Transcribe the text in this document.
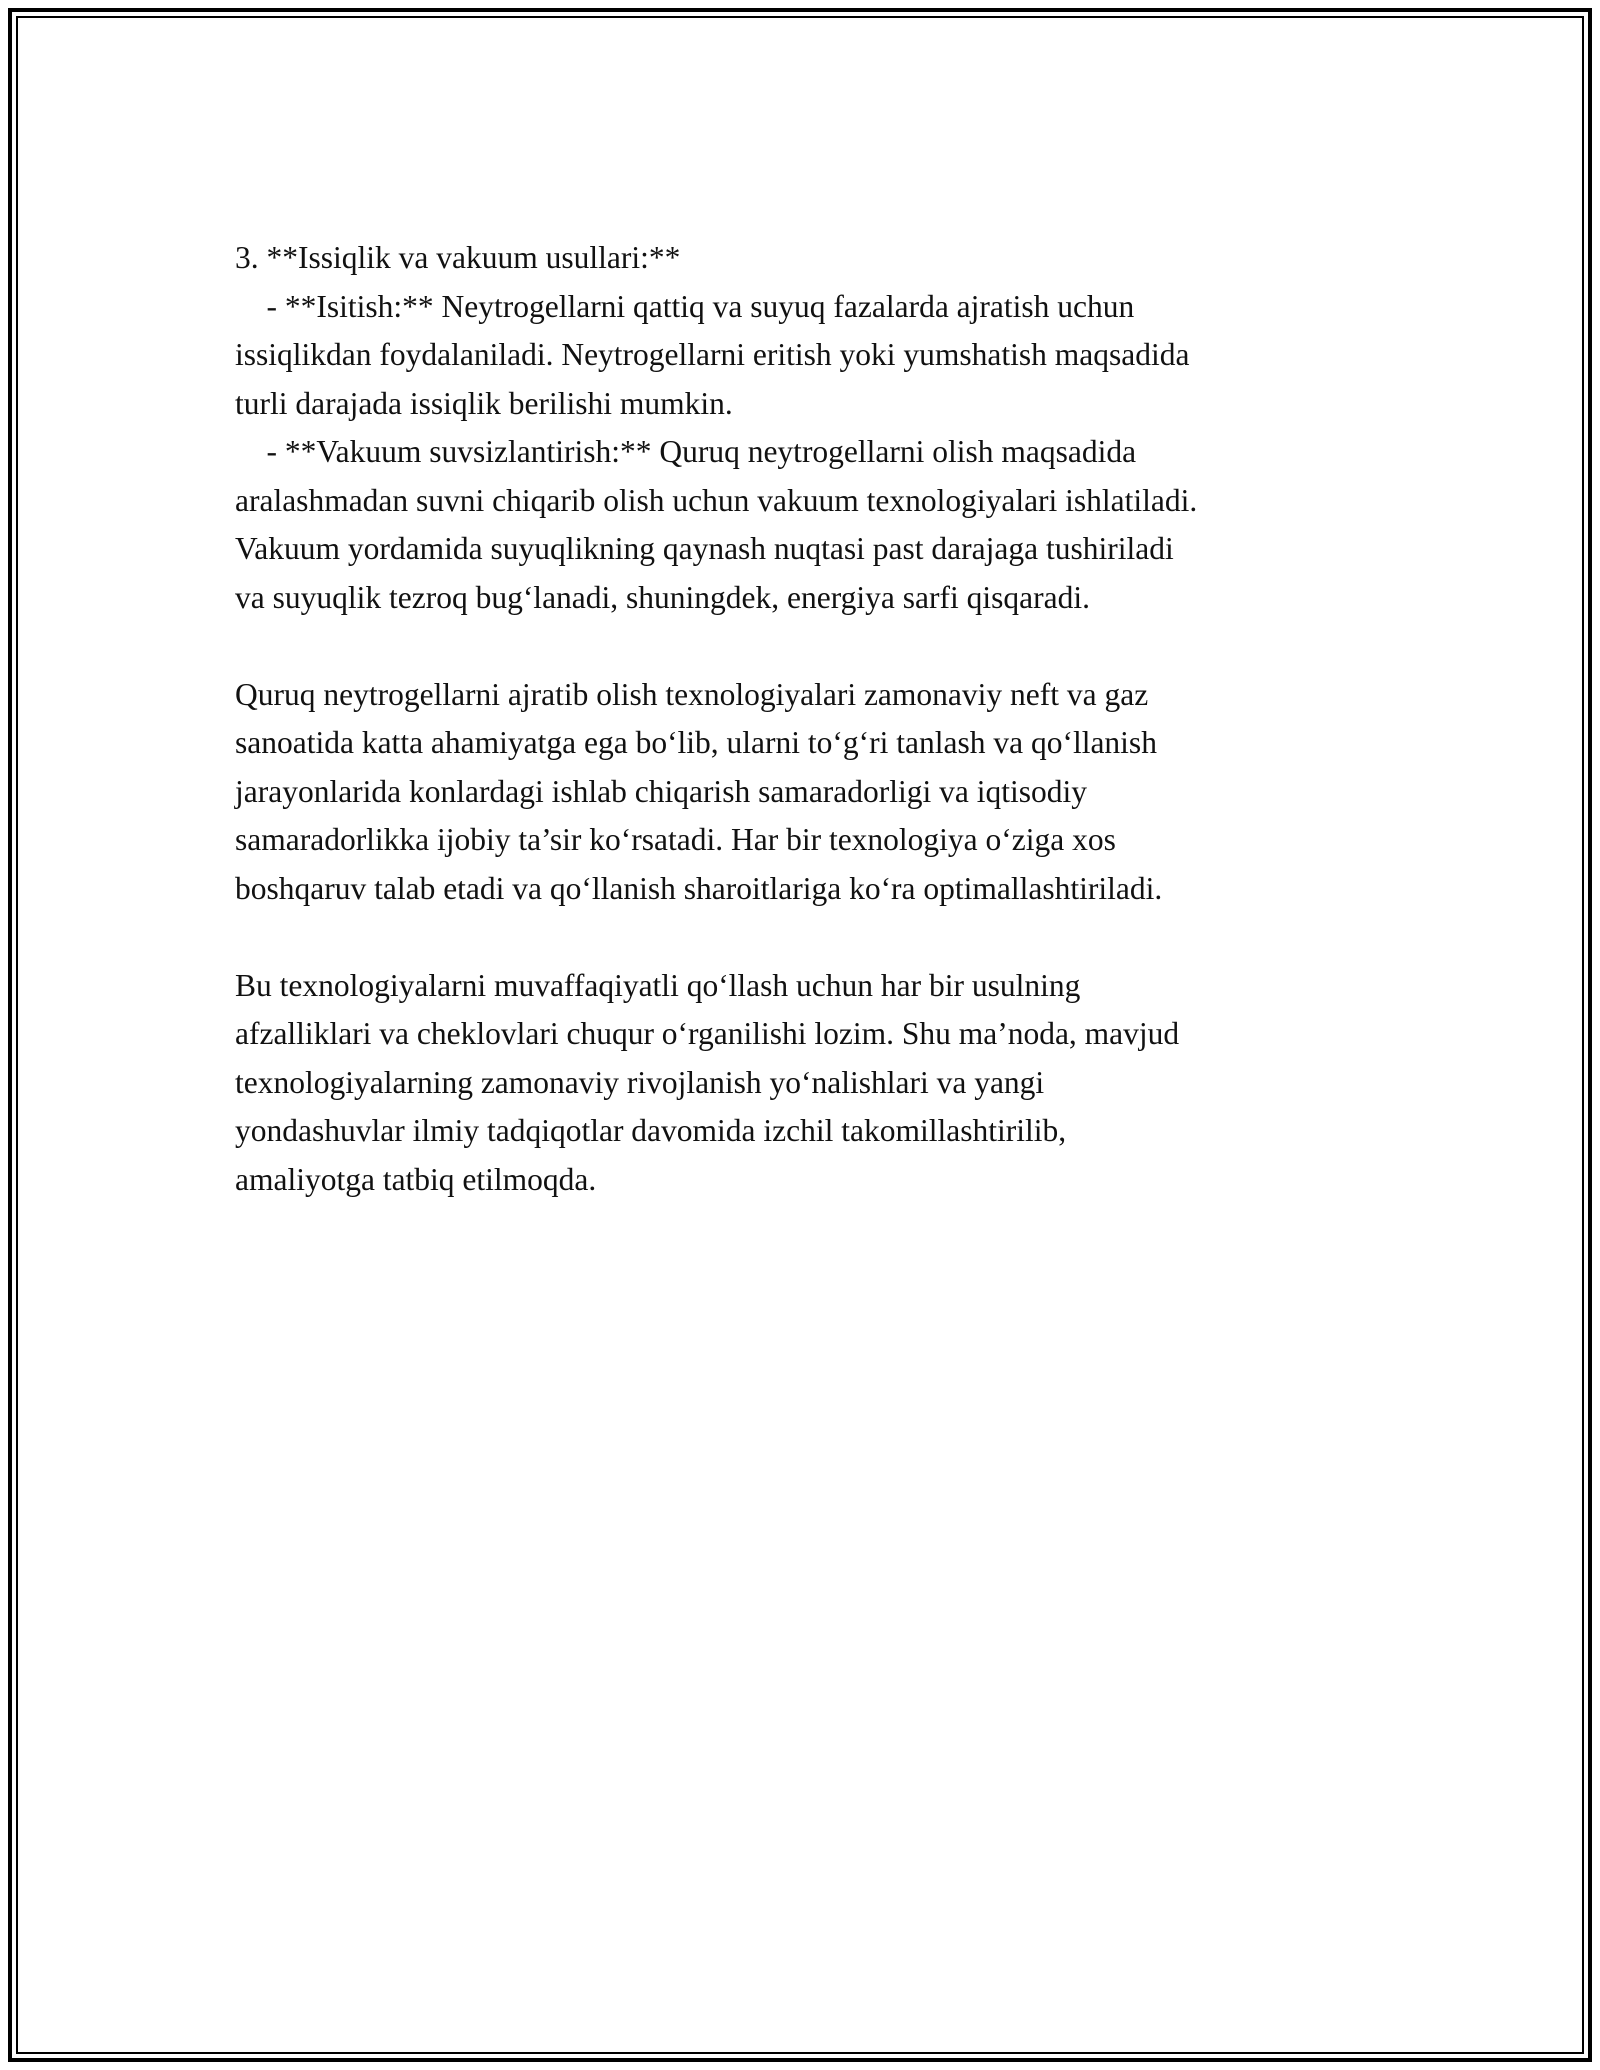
3. **Issiqlik va vakuum usullari:**
- **Isitish:** Neytrogellarni qattiq va suyuq fazalarda ajratish uchun
issiqlikdan foydalaniladi. Neytrogellarni eritish yoki yumshatish maqsadida
turli darajada issiqlik berilishi mumkin.
- **Vakuum suvsizlantirish:** Quruq neytrogellarni olish maqsadida
aralashmadan suvni chiqarib olish uchun vakuum texnologiyalari ishlatiladi.
Vakuum yordamida suyuqlikning qaynash nuqtasi past darajaga tushiriladi
va suyuqlik tezroq bug‘lanadi, shuningdek, energiya sarfi qisqaradi.
Quruq neytrogellarni ajratib olish texnologiyalari zamonaviy neft va gaz
sanoatida katta ahamiyatga ega bo‘lib, ularni to‘g‘ri tanlash va qo‘llanish
jarayonlarida konlardagi ishlab chiqarish samaradorligi va iqtisodiy
samaradorlikka ijobiy ta’sir ko‘rsatadi. Har bir texnologiya o‘ziga xos
boshqaruv talab etadi va qo‘llanish sharoitlariga ko‘ra optimallashtiriladi.
Bu texnologiyalarni muvaffaqiyatli qo‘llash uchun har bir usulning
afzalliklari va cheklovlari chuqur o‘rganilishi lozim. Shu ma’noda, mavjud
texnologiyalarning zamonaviy rivojlanish yo‘nalishlari va yangi
yondashuvlar ilmiy tadqiqotlar davomida izchil takomillashtirilib,
amaliyotga tatbiq etilmoqda.
